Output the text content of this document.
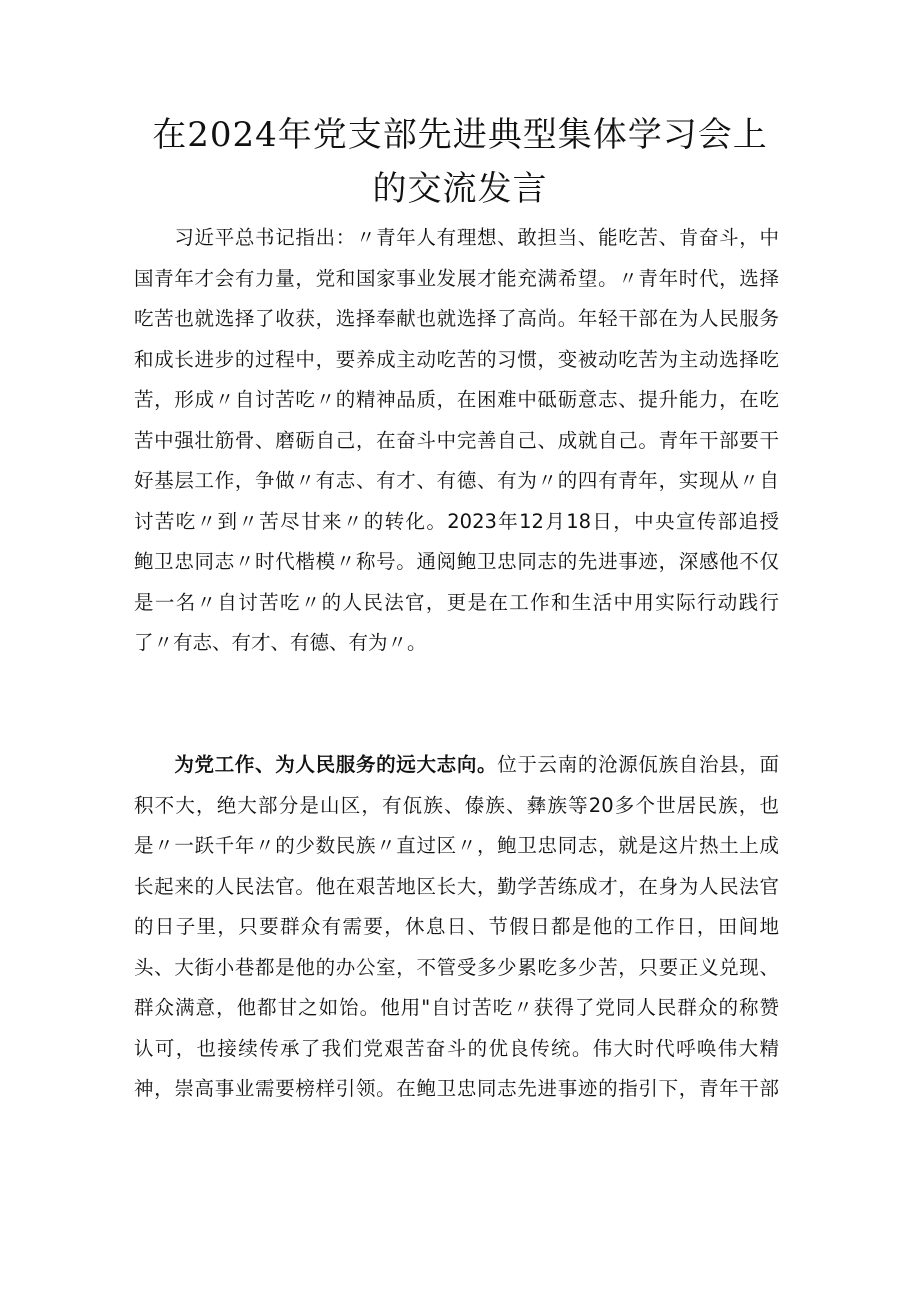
在2024年党支部先进典型集体学习会上
的交流发言
　　习近平总书记指出：〃青年人有理想、敢担当、能吃苦、肯奋斗，中
国青年才会有力量，党和国家事业发展才能充满希望。〃青年时代，选择
吃苦也就选择了收获，选择奉献也就选择了高尚。年轻干部在为人民服务
和成长进步的过程中，要养成主动吃苦的习惯，变被动吃苦为主动选择吃
苦，形成〃自讨苦吃〃的精神品质，在困难中砥砺意志、提升能力，在吃
苦中强壮筋骨、磨砺自己，在奋斗中完善自己、成就自己。青年干部要干
好基层工作，争做〃有志、有才、有德、有为〃的四有青年，实现从〃自
讨苦吃〃到〃苦尽甘来〃的转化。2023年12月18日，中央宣传部追授
鲍卫忠同志〃时代楷模〃称号。通阅鲍卫忠同志的先进事迹，深感他不仅
是一名〃自讨苦吃〃的人民法官，更是在工作和生活中用实际行动践行
了〃有志、有才、有德、有为〃。
　　为党工作、为人民服务的远大志向。位于云南的沧源佤族自治县，面
积不大，绝大部分是山区，有佤族、傣族、彝族等20多个世居民族，也
是〃一跃千年〃的少数民族〃直过区〃，鲍卫忠同志，就是这片热土上成
长起来的人民法官。他在艰苦地区长大，勤学苦练成才，在身为人民法官
的日子里，只要群众有需要，休息日、节假日都是他的工作日，田间地
头、大街小巷都是他的办公室，不管受多少累吃多少苦，只要正义兑现、
群众满意，他都甘之如饴。他用"自讨苦吃〃获得了党同人民群众的称赞
认可，也接续传承了我们党艰苦奋斗的优良传统。伟大时代呼唤伟大精
神，崇高事业需要榜样引领。在鲍卫忠同志先进事迹的指引下，青年干部
